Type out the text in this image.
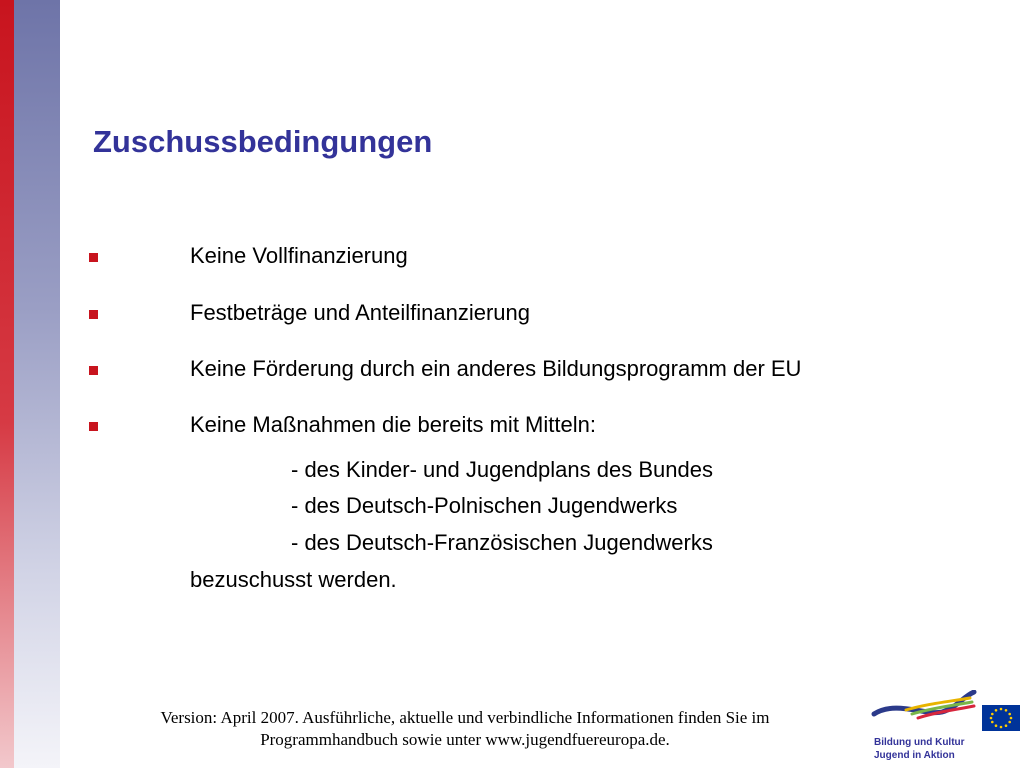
Zuschussbedingungen
Keine Vollfinanzierung
Festbeträge und Anteilfinanzierung
Keine Förderung durch ein anderes Bildungsprogramm der EU
Keine Maßnahmen die bereits mit Mitteln:
- des Kinder- und Jugendplans des Bundes
- des Deutsch-Polnischen Jugendwerks
- des Deutsch-Französischen Jugendwerks
bezuschusst werden.
Version: April 2007. Ausführliche, aktuelle und verbindliche Informationen finden Sie im
Programmhandbuch sowie unter www.jugendfuereuropa.de.	Bildung und Kultur
Jugend in Aktion
